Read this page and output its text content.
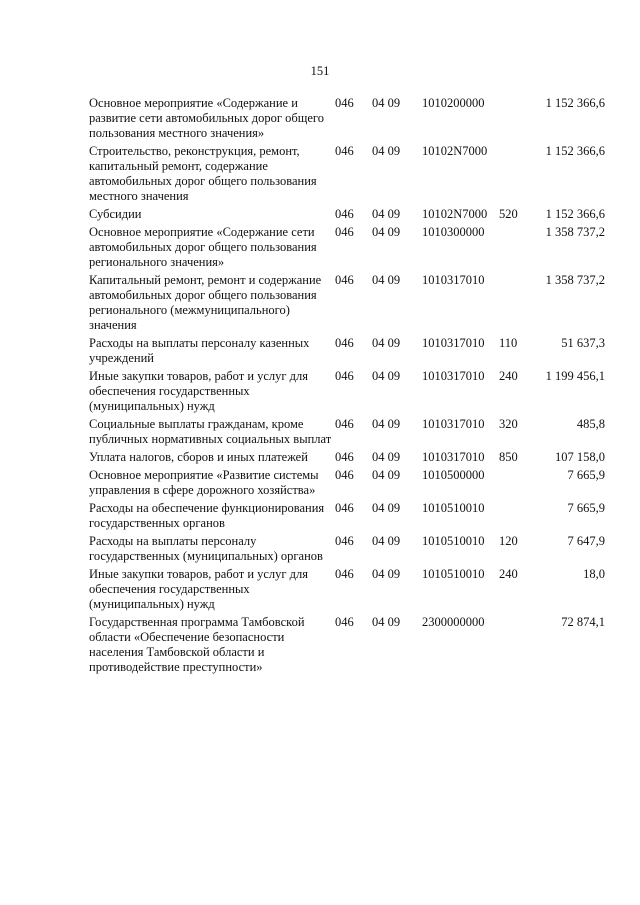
151
Основное мероприятие «Содержание и развитие сети автомобильных дорог общего пользования местного значения»	046	04 09	1010200000		1 152 366,6
Строительство, реконструкция, ремонт, капитальный ремонт, содержание автомобильных дорог общего пользования местного значения	046	04 09	10102N7000		1 152 366,6
Субсидии	046	04 09	10102N7000	520	1 152 366,6
Основное мероприятие «Содержание сети автомобильных дорог общего пользования регионального значения»	046	04 09	1010300000		1 358 737,2
Капитальный ремонт, ремонт и содержание автомобильных дорог общего пользования регионального (межмуниципального) значения	046	04 09	1010317010		1 358 737,2
Расходы на выплаты персоналу казенных учреждений	046	04 09	1010317010	110	51 637,3
Иные закупки товаров, работ и услуг для обеспечения государственных (муниципальных) нужд	046	04 09	1010317010	240	1 199 456,1
Социальные выплаты гражданам, кроме публичных нормативных социальных выплат	046	04 09	1010317010	320	485,8
Уплата налогов, сборов и иных платежей	046	04 09	1010317010	850	107 158,0
Основное мероприятие «Развитие системы управления в сфере дорожного хозяйства»	046	04 09	1010500000		7 665,9
Расходы на обеспечение функционирования государственных органов	046	04 09	1010510010		7 665,9
Расходы на выплаты персоналу государственных (муниципальных) органов	046	04 09	1010510010	120	7 647,9
Иные закупки товаров, работ и услуг для обеспечения государственных (муниципальных) нужд	046	04 09	1010510010	240	18,0
Государственная программа Тамбовской области «Обеспечение безопасности населения Тамбовской области и противодействие преступности»	046	04 09	2300000000		72 874,1
